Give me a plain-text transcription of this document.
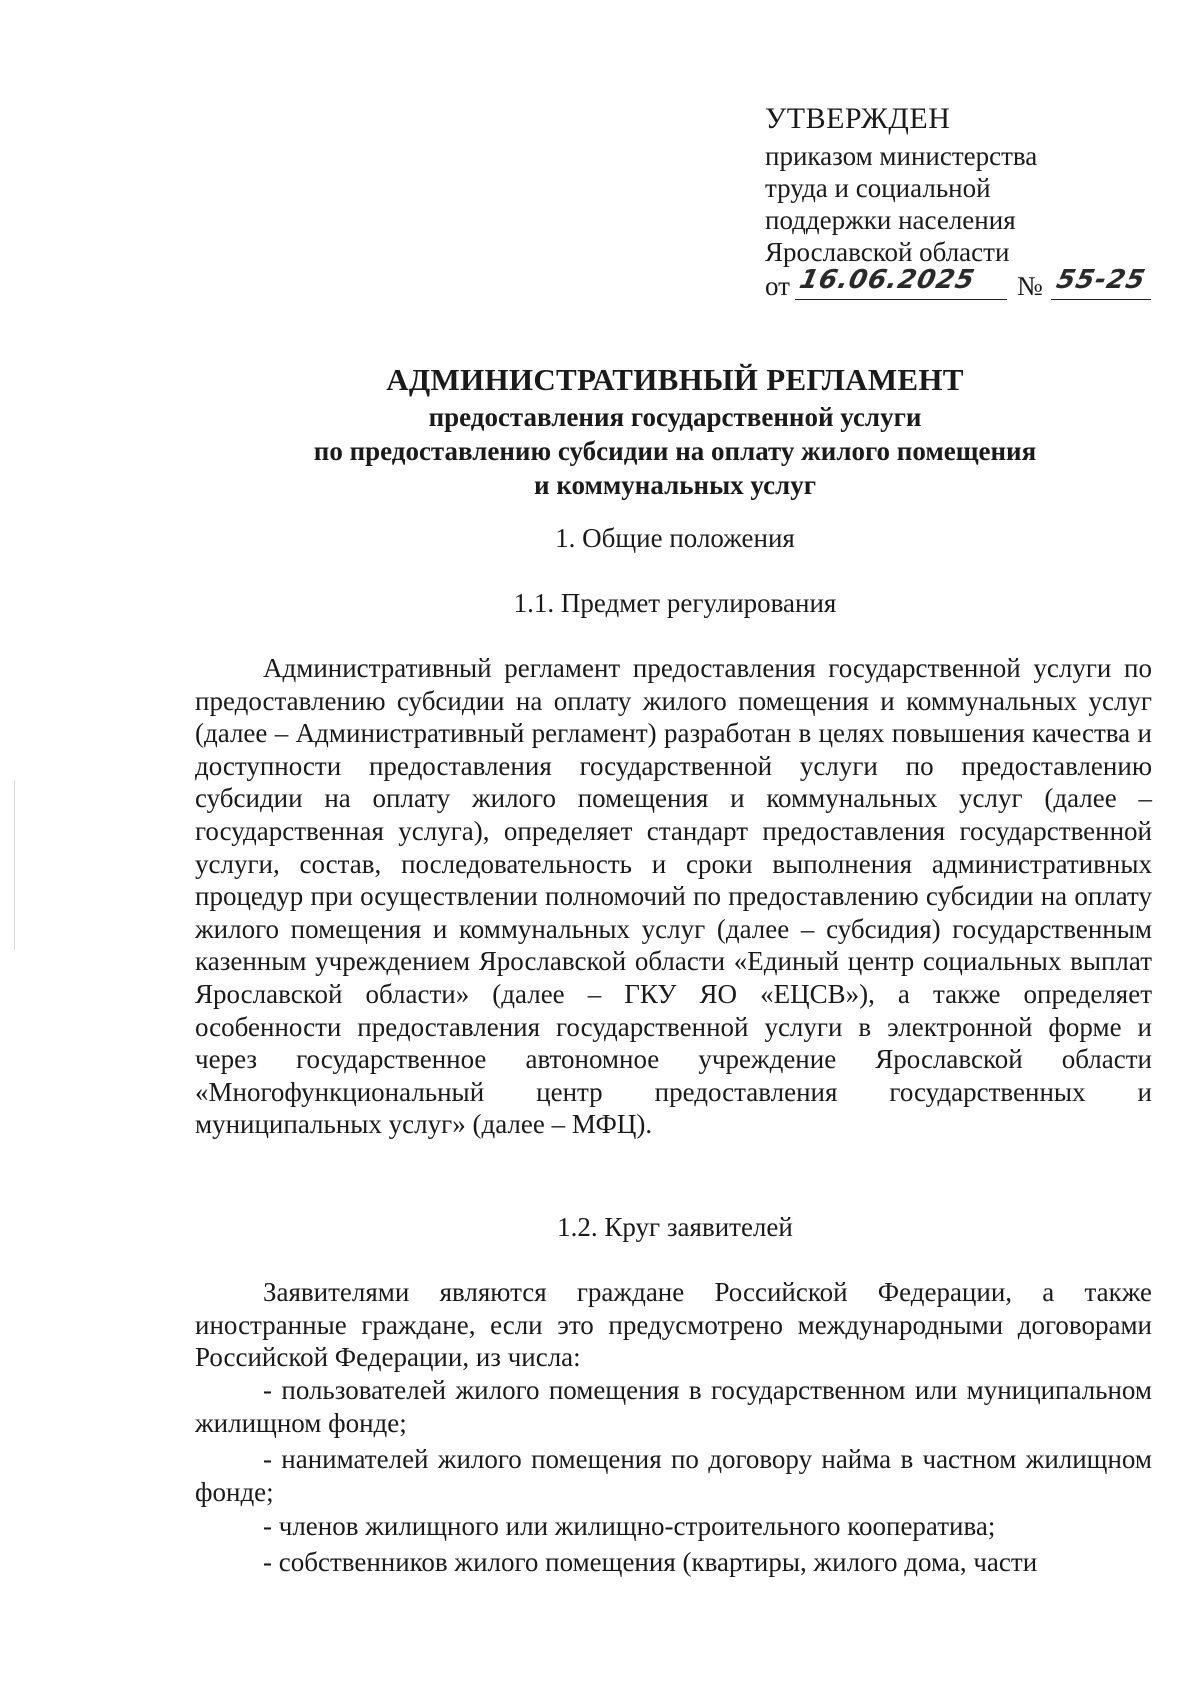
УТВЕРЖДЕН
приказом министерства
труда и социальной
поддержки населения
Ярославской области
от 16.06.2025 № 55-25
АДМИНИСТРАТИВНЫЙ РЕГЛАМЕНТ
предоставления государственной услуги
по предоставлению субсидии на оплату жилого помещения
и коммунальных услуг
1. Общие положения
1.1. Предмет регулирования
Административный регламент предоставления государственной услуги по предоставлению субсидии на оплату жилого помещения и коммунальных услуг (далее – Административный регламент) разработан в целях повышения качества и доступности предоставления государственной услуги по предоставлению субсидии на оплату жилого помещения и коммунальных услуг (далее – государственная услуга), определяет стандарт предоставления государственной услуги, состав, последовательность и сроки выполнения административных процедур при осуществлении полномочий по предоставлению субсидии на оплату жилого помещения и коммунальных услуг (далее – субсидия) государственным казенным учреждением Ярославской области «Единый центр социальных выплат Ярославской области» (далее – ГКУ ЯО «ЕЦСВ»), а также определяет особенности предоставления государственной услуги в электронной форме и через государственное автономное учреждение Ярославской области «Многофункциональный центр предоставления государственных и муниципальных услуг» (далее – МФЦ).
1.2. Круг заявителей
Заявителями являются граждане Российской Федерации, а также иностранные граждане, если это предусмотрено международными договорами Российской Федерации, из числа:
- пользователей жилого помещения в государственном или муниципальном жилищном фонде;
- нанимателей жилого помещения по договору найма в частном жилищном фонде;
- членов жилищного или жилищно-строительного кооператива;
- собственников жилого помещения (квартиры, жилого дома, части
